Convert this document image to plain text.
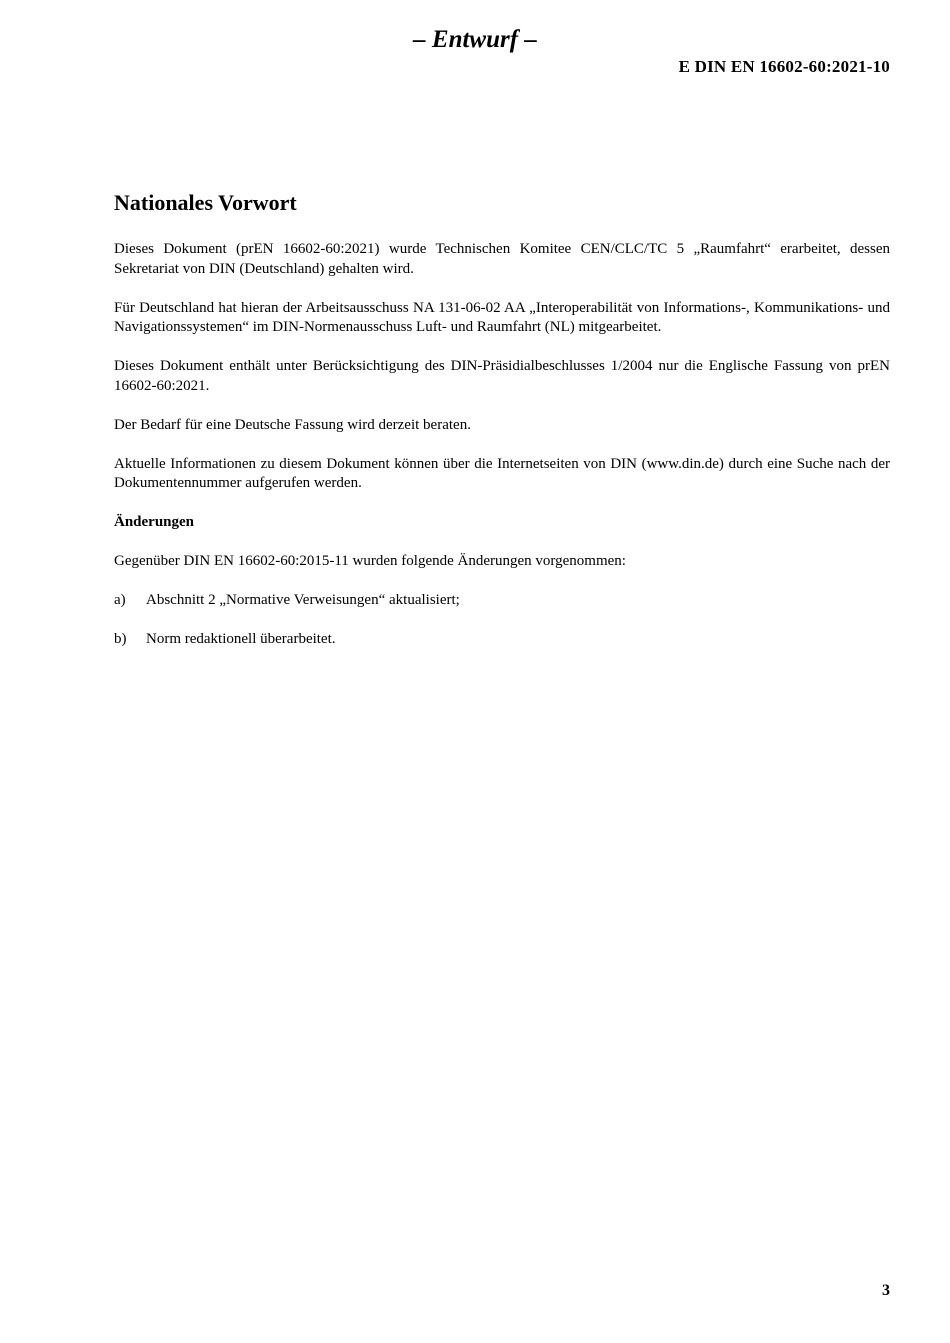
– Entwurf –
E DIN EN 16602-60:2021-10
Nationales Vorwort

Dieses Dokument (prEN 16602-60:2021) wurde Technischen Komitee CEN/CLC/TC 5 „Raumfahrt“ erarbeitet, dessen Sekretariat von DIN (Deutschland) gehalten wird.

Für Deutschland hat hieran der Arbeitsausschuss NA 131-06-02 AA „Interoperabilität von Informations-, Kommunikations- und Navigationssystemen“ im DIN-Normenausschuss Luft- und Raumfahrt (NL) mitgearbeitet.

Dieses Dokument enthält unter Berücksichtigung des DIN-Präsidialbeschlusses 1/2004 nur die Englische Fassung von prEN 16602-60:2021.

Der Bedarf für eine Deutsche Fassung wird derzeit beraten.

Aktuelle Informationen zu diesem Dokument können über die Internetseiten von DIN (www.din.de) durch eine Suche nach der Dokumentennummer aufgerufen werden.

Änderungen

Gegenüber DIN EN 16602-60:2015-11 wurden folgende Änderungen vorgenommen:

a)	Abschnitt 2 „Normative Verweisungen“ aktualisiert;
b)	Norm redaktionell überarbeitet.
3
